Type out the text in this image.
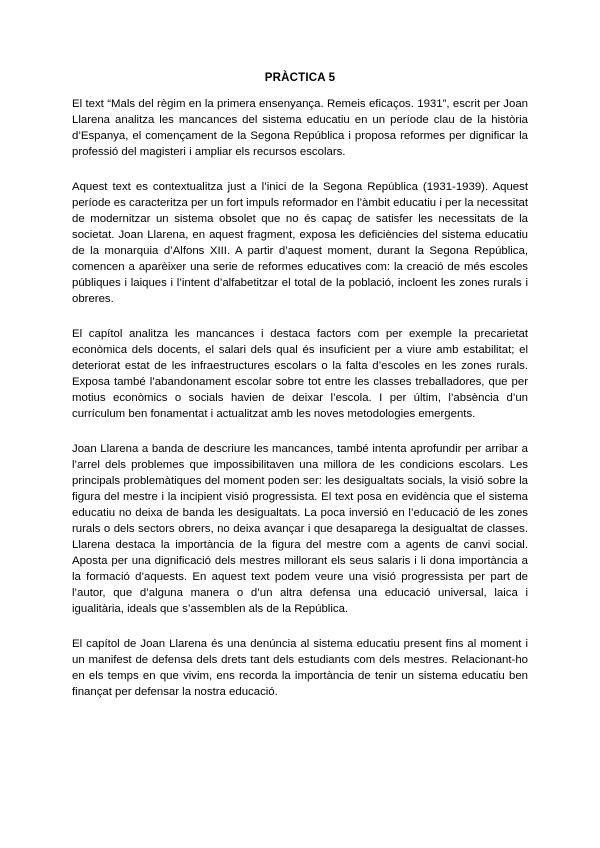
PRÀCTICA 5

El text “Mals del règim en la primera ensenyança. Remeis eficaços. 1931”, escrit per Joan Llarena analitza les mancances del sistema educatiu en un període clau de la història d’Espanya, el començament de la Segona República i proposa reformes per dignificar la professió del magisteri i ampliar els recursos escolars.

Aquest text es contextualitza just a l’inici de la Segona República (1931-1939). Aquest període es caracteritza per un fort impuls reformador en l’àmbit educatiu i per la necessitat de modernitzar un sistema obsolet que no és capaç de satisfer les necessitats de la societat. Joan Llarena, en aquest fragment, exposa les deficiències del sistema educatiu de la monarquia d’Alfons XIII. A partir d’aquest moment, durant la Segona República, comencen a aparèixer una serie de reformes educatives com: la creació de més escoles públiques i laiques i l’intent d’alfabetitzar el total de la població, incloent les zones rurals i obreres.

El capítol analitza les mancances i destaca factors com per exemple la precarietat econòmica dels docents, el salari dels qual és insuficient per a viure amb estabilitat; el deteriorat estat de les infraestructures escolars o la falta d’escoles en les zones rurals. Exposa també l’abandonament escolar sobre tot entre les classes treballadores, que per motius econòmics o socials havien de deixar l’escola. I per últim, l’absència d’un currículum ben fonamentat i actualitzat amb les noves metodologies emergents.

Joan Llarena a banda de descriure les mancances, també intenta aprofundir per arribar a l’arrel dels problemes que impossibilitaven una millora de les condicions escolars. Les principals problemàtiques del moment poden ser: les desigualtats socials, la visió sobre la figura del mestre i la incipient visió progressista. El text posa en evidència que el sistema educatiu no deixa de banda les desigualtats. La poca inversió en l’educació de les zones rurals o dels sectors obrers, no deixa avançar i que desaparega la desigualtat de classes. Llarena destaca la importància de la figura del mestre com a agents de canvi social. Aposta per una dignificació dels mestres millorant els seus salaris i li dona importància a la formació d’aquests. En aquest text podem veure una visió progressista per part de l’autor, que d’alguna manera o d’un altra defensa una educació universal, laica i igualitària, ideals que s’assemblen als de la República.

El capítol de Joan Llarena és una denúncia al sistema educatiu present fins al moment i un manifest de defensa dels drets tant dels estudiants com dels mestres. Relacionant-ho en els temps en que vivim, ens recorda la importància de tenir un sistema educatiu ben finançat per defensar la nostra educació.
